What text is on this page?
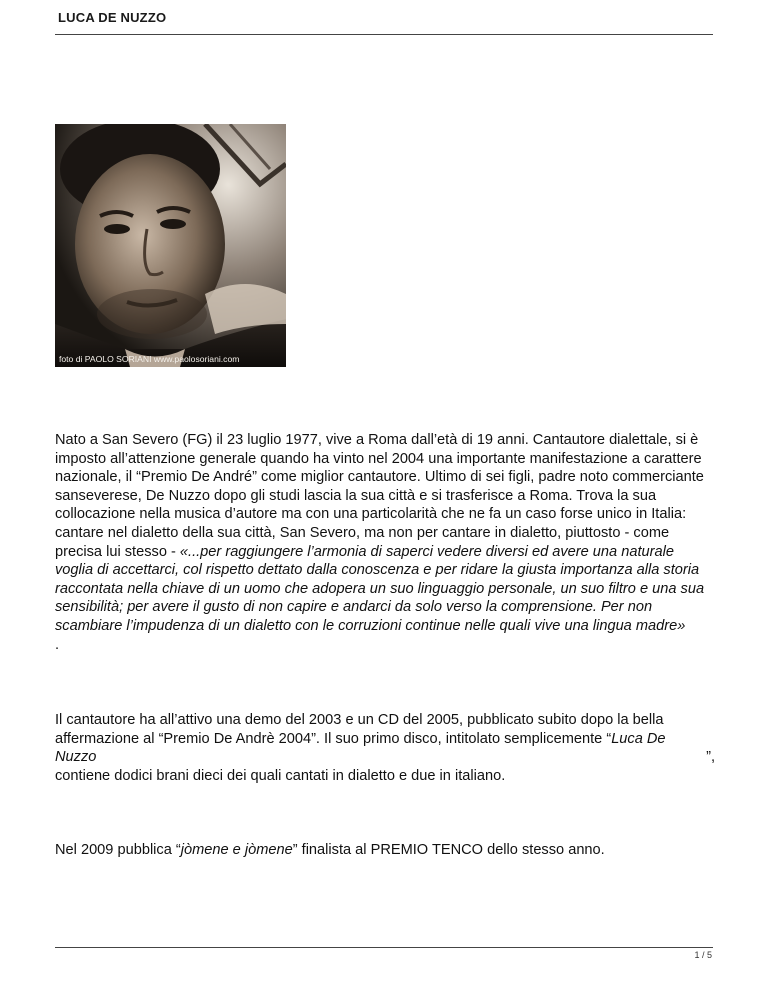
LUCA DE NUZZO
foto di PAOLO SORIANI www.paolosoriani.com

Nato a San Severo (FG) il 23 luglio 1977, vive a Roma dall’età di 19 anni. Cantautore dialettale, si è imposto all’attenzione generale quando ha vinto nel 2004 una importante manifestazione a carattere nazionale, il “Premio De André” come miglior cantautore. Ultimo di sei figli, padre noto commerciante sanseverese, De Nuzzo dopo gli studi lascia la sua città e si trasferisce a Roma. Trova la sua collocazione nella musica d’autore ma con una particolarità che ne fa un caso forse unico in Italia: cantare nel dialetto della sua città, San Severo, ma non per cantare in dialetto, piuttosto - come precisa lui stesso - «...per raggiungere l’armonia di saperci vedere diversi ed avere una naturale voglia di accettarci, col rispetto dettato dalla conoscenza e per ridare la giusta importanza alla storia raccontata nella chiave di un uomo che adopera un suo linguaggio personale, un suo filtro e una sua sensibilità; per avere il gusto di non capire e andarci da solo verso la comprensione. Per non scambiare l’impudenza di un dialetto con le corruzioni continue nelle quali vive una lingua madre»

.

Il cantautore ha all’attivo una demo del 2003 e un CD del 2005, pubblicato subito dopo la bella affermazione al “Premio De Andrè 2004”. Il suo primo disco, intitolato semplicemente “Luca De

Nuzzo	”,

contiene dodici brani dieci dei quali cantati in dialetto e due in italiano.

Nel 2009 pubblica “jòmene e jòmene” finalista al PREMIO TENCO dello stesso anno.

1 / 5
